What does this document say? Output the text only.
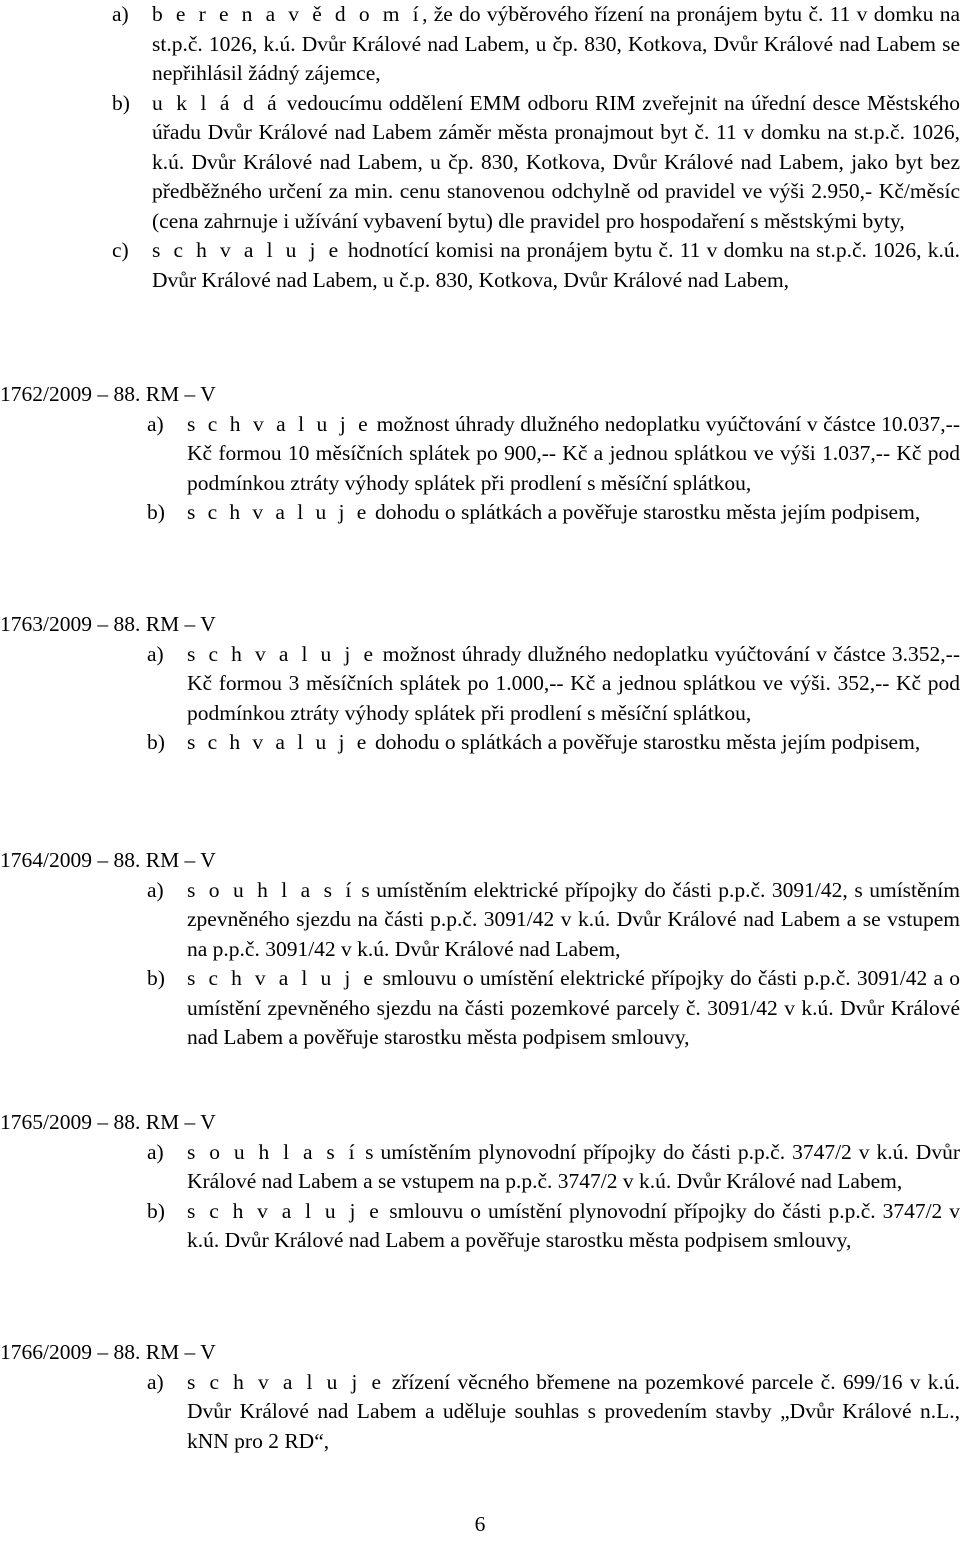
a)	b e r e n a v ě d o m í, že do výběrového řízení na pronájem bytu č. 11 v domku na st.p.č. 1026, k.ú. Dvůr Králové nad Labem, u čp. 830, Kotkova, Dvůr Králové nad Labem se nepřihlásil žádný zájemce,
b)	u k l á d á vedoucímu oddělení EMM odboru RIM zveřejnit na úřední desce Městského úřadu Dvůr Králové nad Labem záměr města pronajmout byt č. 11 v domku na st.p.č. 1026, k.ú. Dvůr Králové nad Labem, u čp. 830, Kotkova, Dvůr Králové nad Labem, jako byt bez předběžného určení za min. cenu stanovenou odchylně od pravidel ve výši 2.950,- Kč/měsíc (cena zahrnuje i užívání vybavení bytu) dle pravidel pro hospodaření s městskými byty,
c)	s c h v a l u j e hodnotící komisi na pronájem bytu č. 11 v domku na st.p.č. 1026, k.ú. Dvůr Králové nad Labem, u č.p. 830, Kotkova, Dvůr Králové nad Labem,
1762/2009 – 88. RM – V
a)	s c h v a l u j e možnost úhrady dlužného nedoplatku vyúčtování v částce 10.037,-- Kč formou 10 měsíčních splátek po 900,-- Kč a jednou splátkou ve výši 1.037,-- Kč pod podmínkou ztráty výhody splátek při prodlení s měsíční splátkou,
b)	s c h v a l u j e dohodu o splátkách a pověřuje starostku města jejím podpisem,
1763/2009 – 88. RM – V
a)	s c h v a l u j e možnost úhrady dlužného nedoplatku vyúčtování v částce 3.352,-- Kč formou 3 měsíčních splátek po 1.000,-- Kč a jednou splátkou ve výši. 352,-- Kč pod podmínkou ztráty výhody splátek při prodlení s měsíční splátkou,
b)	s c h v a l u j e dohodu o splátkách a pověřuje starostku města jejím podpisem,
1764/2009 – 88. RM – V
a)	s o u h l a s í s umístěním elektrické přípojky do části p.p.č. 3091/42, s umístěním zpevněného sjezdu na části p.p.č. 3091/42 v k.ú. Dvůr Králové nad Labem a se vstupem na p.p.č. 3091/42 v k.ú. Dvůr Králové nad Labem,
b)	s c h v a l u j e smlouvu o umístění elektrické přípojky do části p.p.č. 3091/42 a o umístění zpevněného sjezdu na části pozemkové parcely č. 3091/42 v k.ú. Dvůr Králové nad Labem a pověřuje starostku města podpisem smlouvy,
1765/2009 – 88. RM – V
a)	s o u h l a s í s umístěním plynovodní přípojky do části p.p.č. 3747/2 v k.ú. Dvůr Králové nad Labem a se vstupem na p.p.č. 3747/2 v k.ú. Dvůr Králové nad Labem,
b)	s c h v a l u j e smlouvu o umístění plynovodní přípojky do části p.p.č. 3747/2 v k.ú. Dvůr Králové nad Labem a pověřuje starostku města podpisem smlouvy,
1766/2009 – 88. RM – V
a)	s c h v a l u j e zřízení věcného břemene na pozemkové parcele č. 699/16 v k.ú. Dvůr Králové nad Labem a uděluje souhlas s provedením stavby „Dvůr Králové n.L., kNN pro 2 RD“,
6
